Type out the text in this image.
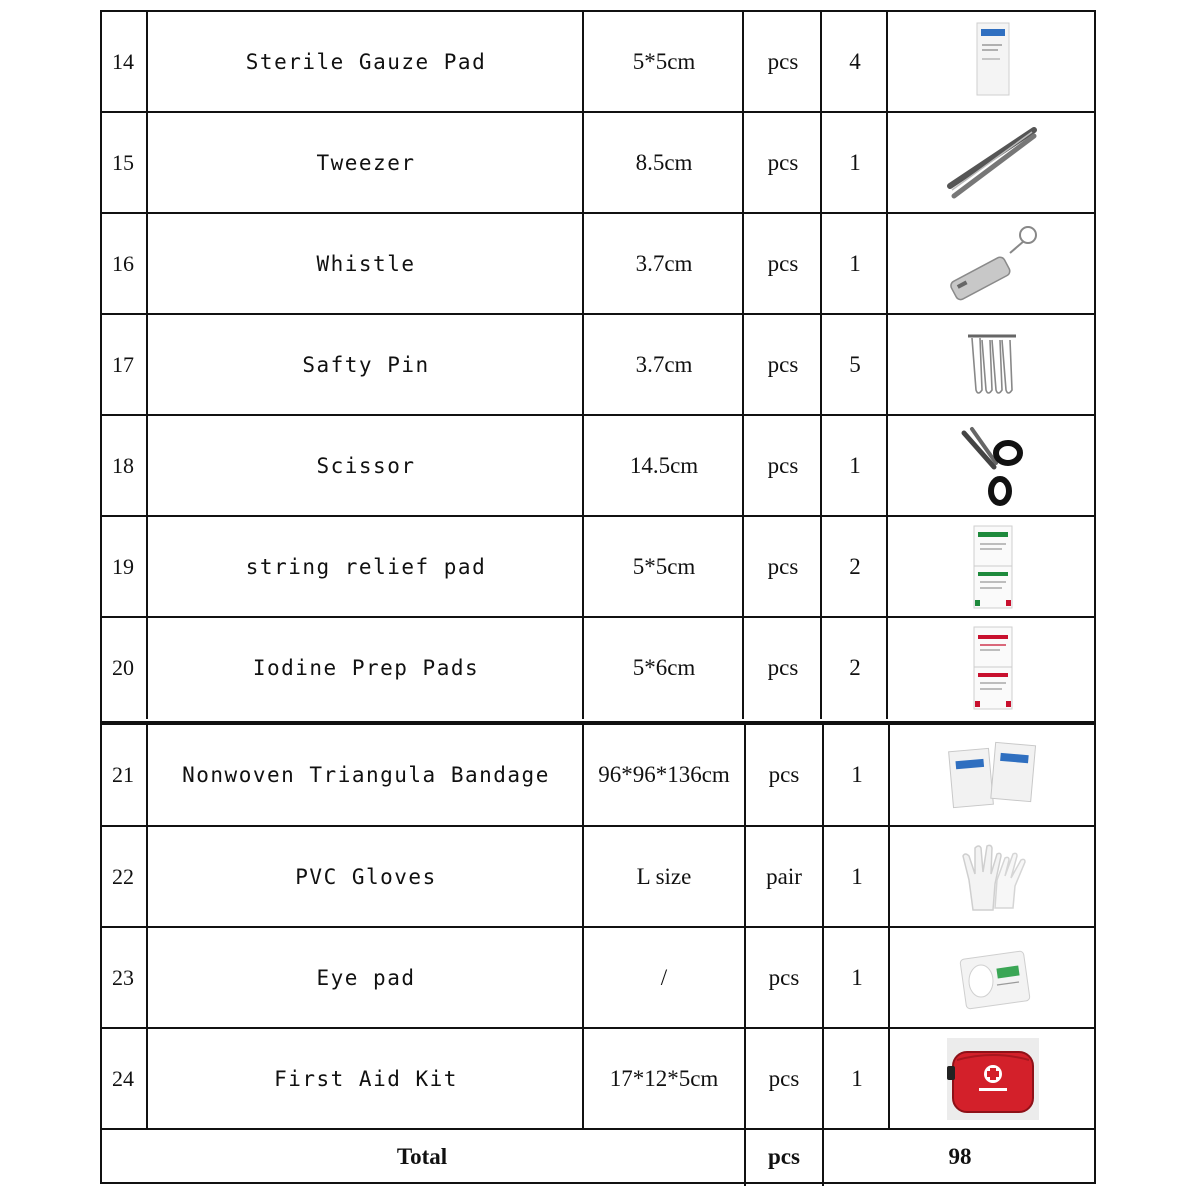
14	Sterile Gauze Pad	5*5cm	pcs	4
15	Tweezer	8.5cm	pcs	1
16	Whistle	3.7cm	pcs	1
17	Safty Pin	3.7cm	pcs	5
18	Scissor	14.5cm	pcs	1
19	string relief pad	5*5cm	pcs	2
20	Iodine Prep Pads	5*6cm	pcs	2
21	Nonwoven Triangula Bandage	96*96*136cm	pcs	1
22	PVC Gloves	L size	pair	1
23	Eye pad	/	pcs	1
24	First Aid Kit	17*12*5cm	pcs	1
Total	pcs	98
